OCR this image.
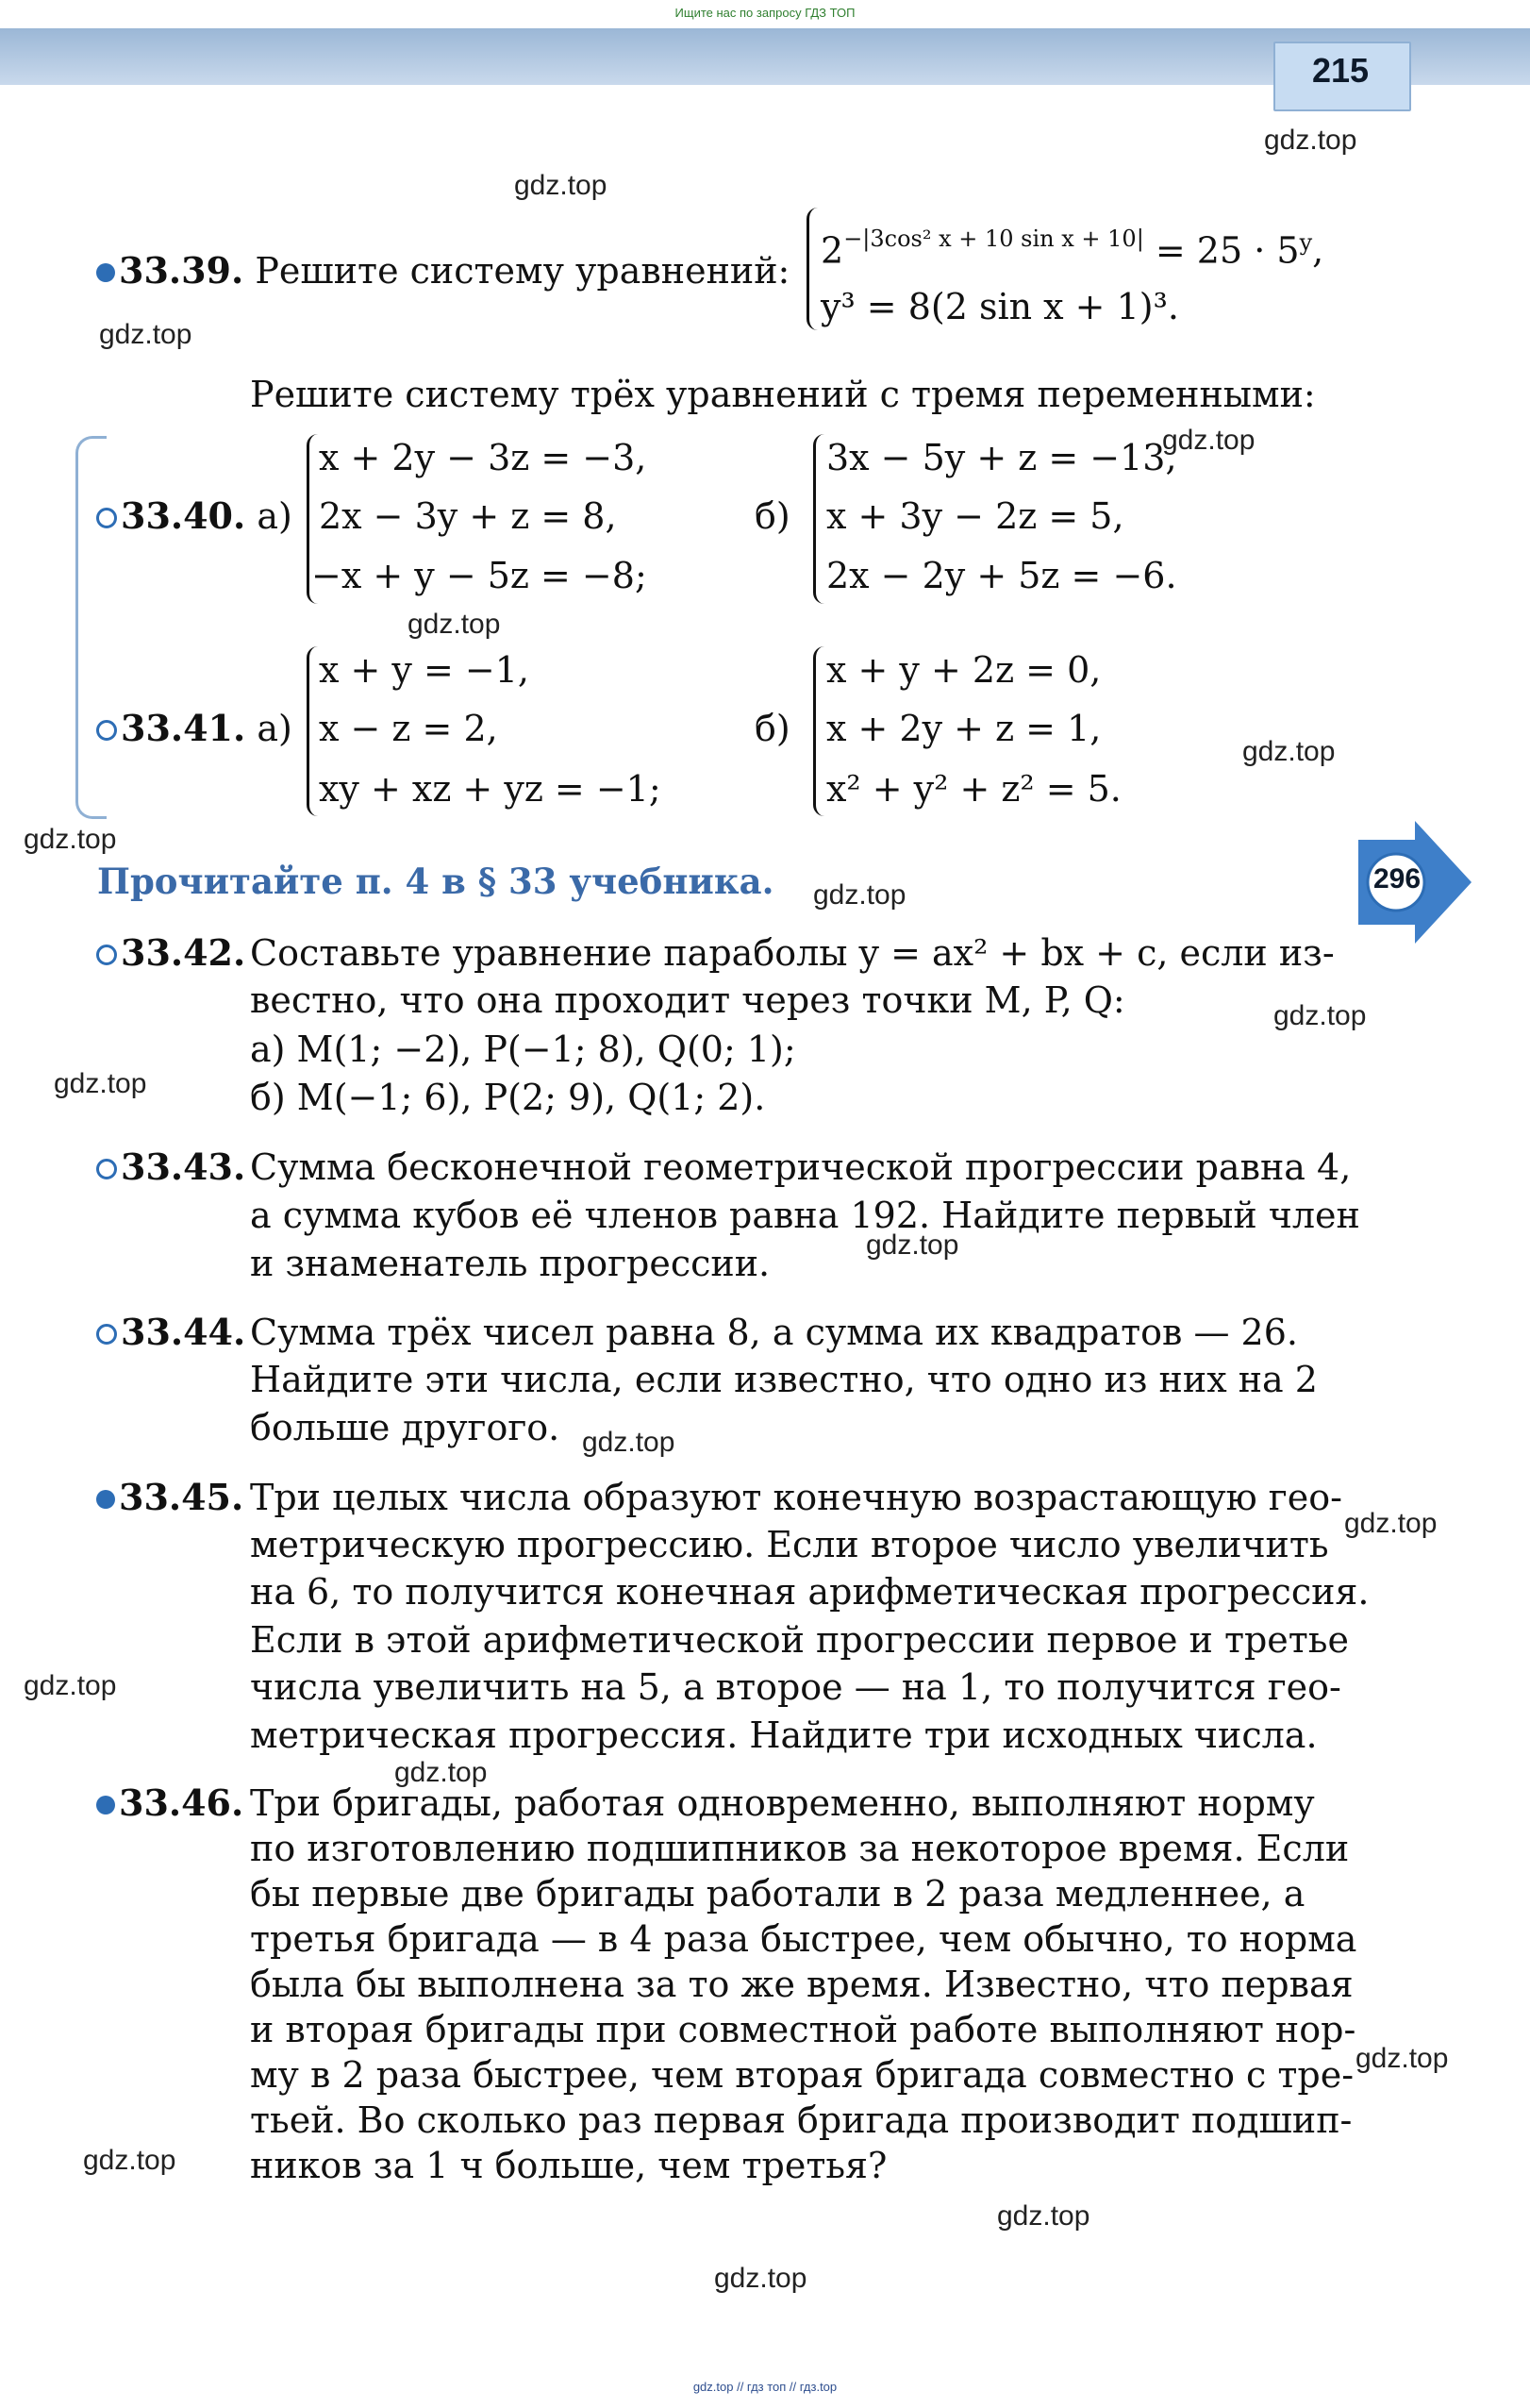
Ищите нас по запросу ГДЗ ТОП
215
gdz.top
gdz.top
gdz.top
gdz.top
gdz.top
gdz.top
gdz.top
gdz.top
gdz.top
gdz.top
gdz.top
gdz.top
gdz.top
gdz.top
gdz.top
gdz.top
gdz.top
gdz.top
gdz.top
296
33.39. Решите систему уравнений: $2^{-|3cos^2 x + 10 sin x + 10|} = 25 \cdot 5^y$,
y³ = 8(2 sin x + 1)³.
Решите систему трёх уравнений с тремя переменными:
33.40. а)
x + 2y − 3z = −3,
2x − 3y + z = 8,
−x + y − 5z = −8;
б)
3x − 5y + z = −13,
x + 3y − 2z = 5,
2x − 2y + 5z = −6.
33.41. а)
x + y = −1,
x − z = 2,
xy + xz + yz = −1;
б)
x + y + 2z = 0,
x + 2y + z = 1,
x² + y² + z² = 5.
Прочитайте п. 4 в § 33 учебника.
33.42. Составьте уравнение параболы y = ax² + bx + c, если из-
вестно, что она проходит через точки M, P, Q:
а) M(1; −2), P(−1; 8), Q(0; 1);
б) M(−1; 6), P(2; 9), Q(1; 2).
33.43. Сумма бесконечной геометрической прогрессии равна 4,
а сумма кубов её членов равна 192. Найдите первый член
и знаменатель прогрессии.
33.44. Сумма трёх чисел равна 8, а сумма их квадратов — 26.
Найдите эти числа, если известно, что одно из них на 2
больше другого.
33.45. Три целых числа образуют конечную возрастающую гео-
метрическую прогрессию. Если второе число увеличить
на 6, то получится конечная арифметическая прогрессия.
Если в этой арифметической прогрессии первое и третье
числа увеличить на 5, а второе — на 1, то получится гео-
метрическая прогрессия. Найдите три исходных числа.
33.46. Три бригады, работая одновременно, выполняют норму
по изготовлению подшипников за некоторое время. Если
бы первые две бригады работали в 2 раза медленнее, а
третья бригада — в 4 раза быстрее, чем обычно, то норма
была бы выполнена за то же время. Известно, что первая
и вторая бригады при совместной работе выполняют нор-
му в 2 раза быстрее, чем вторая бригада совместно с тре-
тьей. Во сколько раз первая бригада производит подшип-
ников за 1 ч больше, чем третья?
gdz.top // гдз топ // гдз.top
